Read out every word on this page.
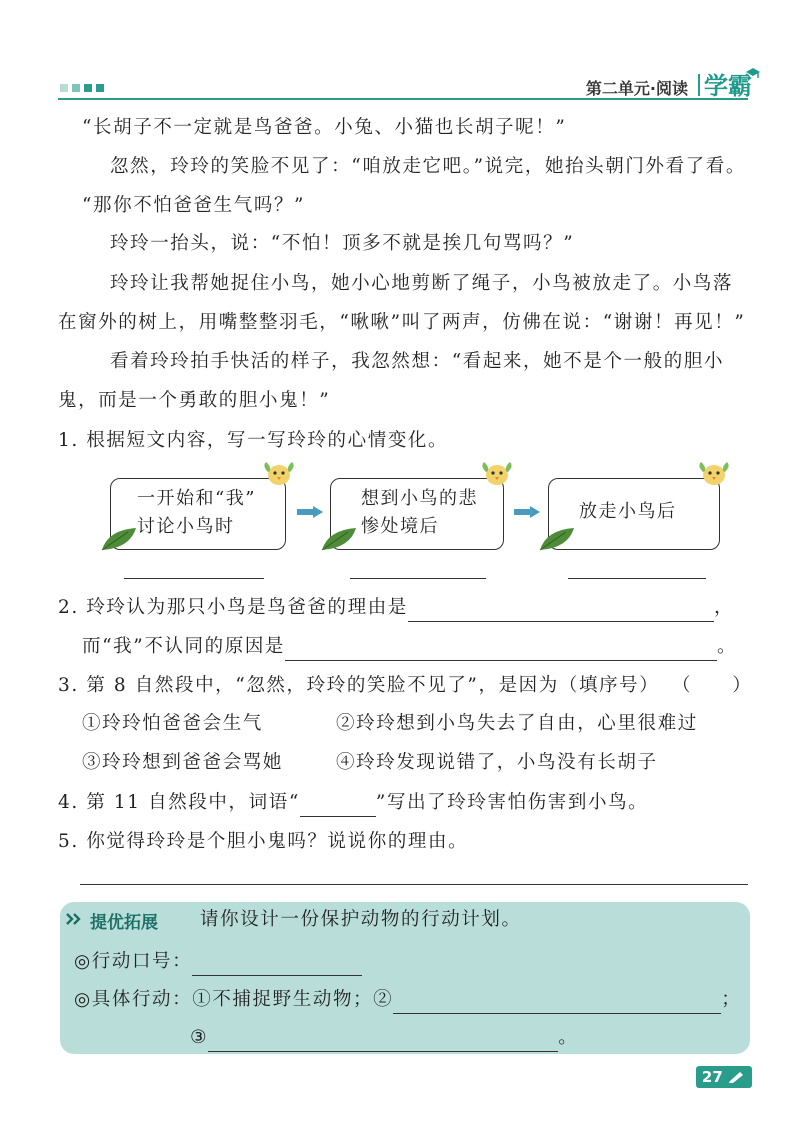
第二单元·阅读 学霸
“长胡子不一定就是鸟爸爸。小兔、小猫也长胡子呢！”
忽然，玲玲的笑脸不见了：“咱放走它吧。”说完，她抬头朝门外看了看。
“那你不怕爸爸生气吗？”
玲玲一抬头，说：“不怕！顶多不就是挨几句骂吗？”
玲玲让我帮她捉住小鸟，她小心地剪断了绳子，小鸟被放走了。小鸟落
在窗外的树上，用嘴整整羽毛，“啾啾”叫了两声，仿佛在说：“谢谢！再见！”
看着玲玲拍手快活的样子，我忽然想：“看起来，她不是个一般的胆小
鬼，而是一个勇敢的胆小鬼！”
1. 根据短文内容，写一写玲玲的心情变化。
一开始和“我”
讨论小鸟时
想到小鸟的悲
惨处境后
放走小鸟后
2. 玲玲认为那只小鸟是鸟爸爸的理由是	，
而“我”不认同的原因是	。
3. 第 8 自然段中，“忽然，玲玲的笑脸不见了”，是因为（填序号） （　　）
①玲玲怕爸爸会生气	②玲玲想到小鸟失去了自由，心里很难过
③玲玲想到爸爸会骂她	④玲玲发现说错了，小鸟没有长胡子
4. 第 11 自然段中，词语“	”写出了玲玲害怕伤害到小鸟。
5. 你觉得玲玲是个胆小鬼吗？说说你的理由。
提优拓展 请你设计一份保护动物的行动计划。
◎行动口号：
◎具体行动：①不捕捉野生动物；②	；
③	。
27
